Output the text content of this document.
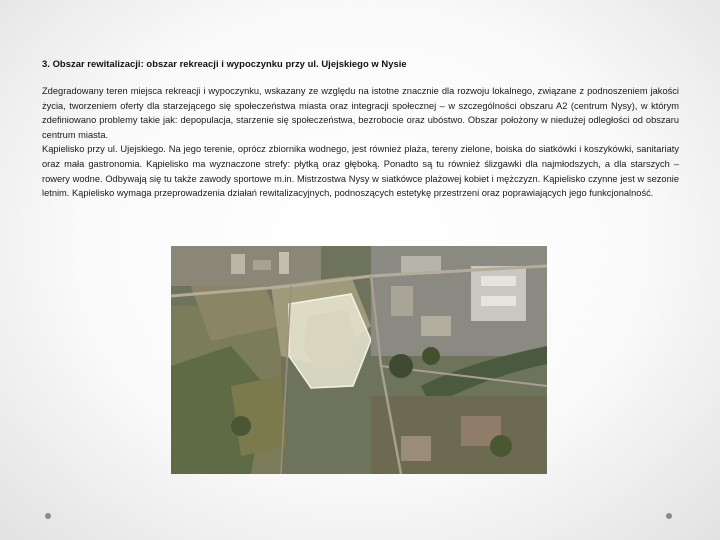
3. Obszar rewitalizacji: obszar rekreacji i wypoczynku przy ul. Ujejskiego w Nysie

Zdegradowany teren miejsca rekreacji i wypoczynku, wskazany ze względu na istotne znacznie dla rozwoju lokalnego, związane z podnoszeniem jakości życia, tworzeniem oferty dla starzejącego się społeczeństwa miasta oraz integracji społecznej – w szczególności obszaru A2 (centrum Nysy), w którym zdefiniowano problemy takie jak: depopulacja, starzenie się społeczeństwa, bezrobocie oraz ubóstwo. Obszar położony w niedużej odległości od obszaru centrum miasta.

Kąpielisko przy ul. Ujejskiego. Na jego terenie, oprócz zbiornika wodnego, jest również plaża, tereny zielone, boiska do siatkówki i koszykówki, sanitariaty oraz mała gastronomia. Kąpielisko ma wyznaczone strefy: płytką oraz głęboką. Ponadto są tu również ślizgawki dla najmłodszych, a dla starszych – rowery wodne. Odbywają się tu także zawody sportowe m.in. Mistrzostwa Nysy w siatkówce plażowej kobiet i mężczyzn. Kąpielisko czynne jest w sezonie letnim. Kąpielisko wymaga przeprowadzenia działań rewitalizacyjnych, podnoszących estetykę przestrzeni oraz poprawiających jego funkcjonalność.
